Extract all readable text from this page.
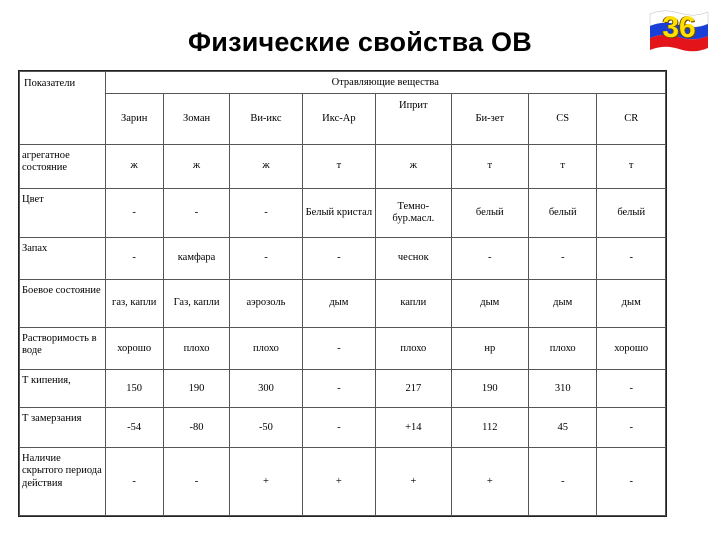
Физические свойства ОВ	36
Показатели	Отравляющие вещества							
	Зарин	Зоман	Ви-икс	Икс-Ар	Иприт	Би-зет	CS	CR
агрегатное состояние	ж	ж	ж	т	ж	т	т	т
Цвет	-	-	-	Белый кристал	Темно-бур.масл.	белый	белый	белый
Запах	-	камфара	-	-	чеснок	-	-	-
Боевое состояние	газ, капли	Газ, капли	аэрозоль	дым	капли	дым	дым	дым
Растворимость в воде	хорошо	плохо	плохо	-	плохо	нр	плохо	хорошо
Т кипения,	150	190	300	-	217	190	310	-
Т замерзания	-54	-80	-50	-	+14	112	45	-
Наличие скрытого периода действия	-	-	+	+	+	+	-	-
